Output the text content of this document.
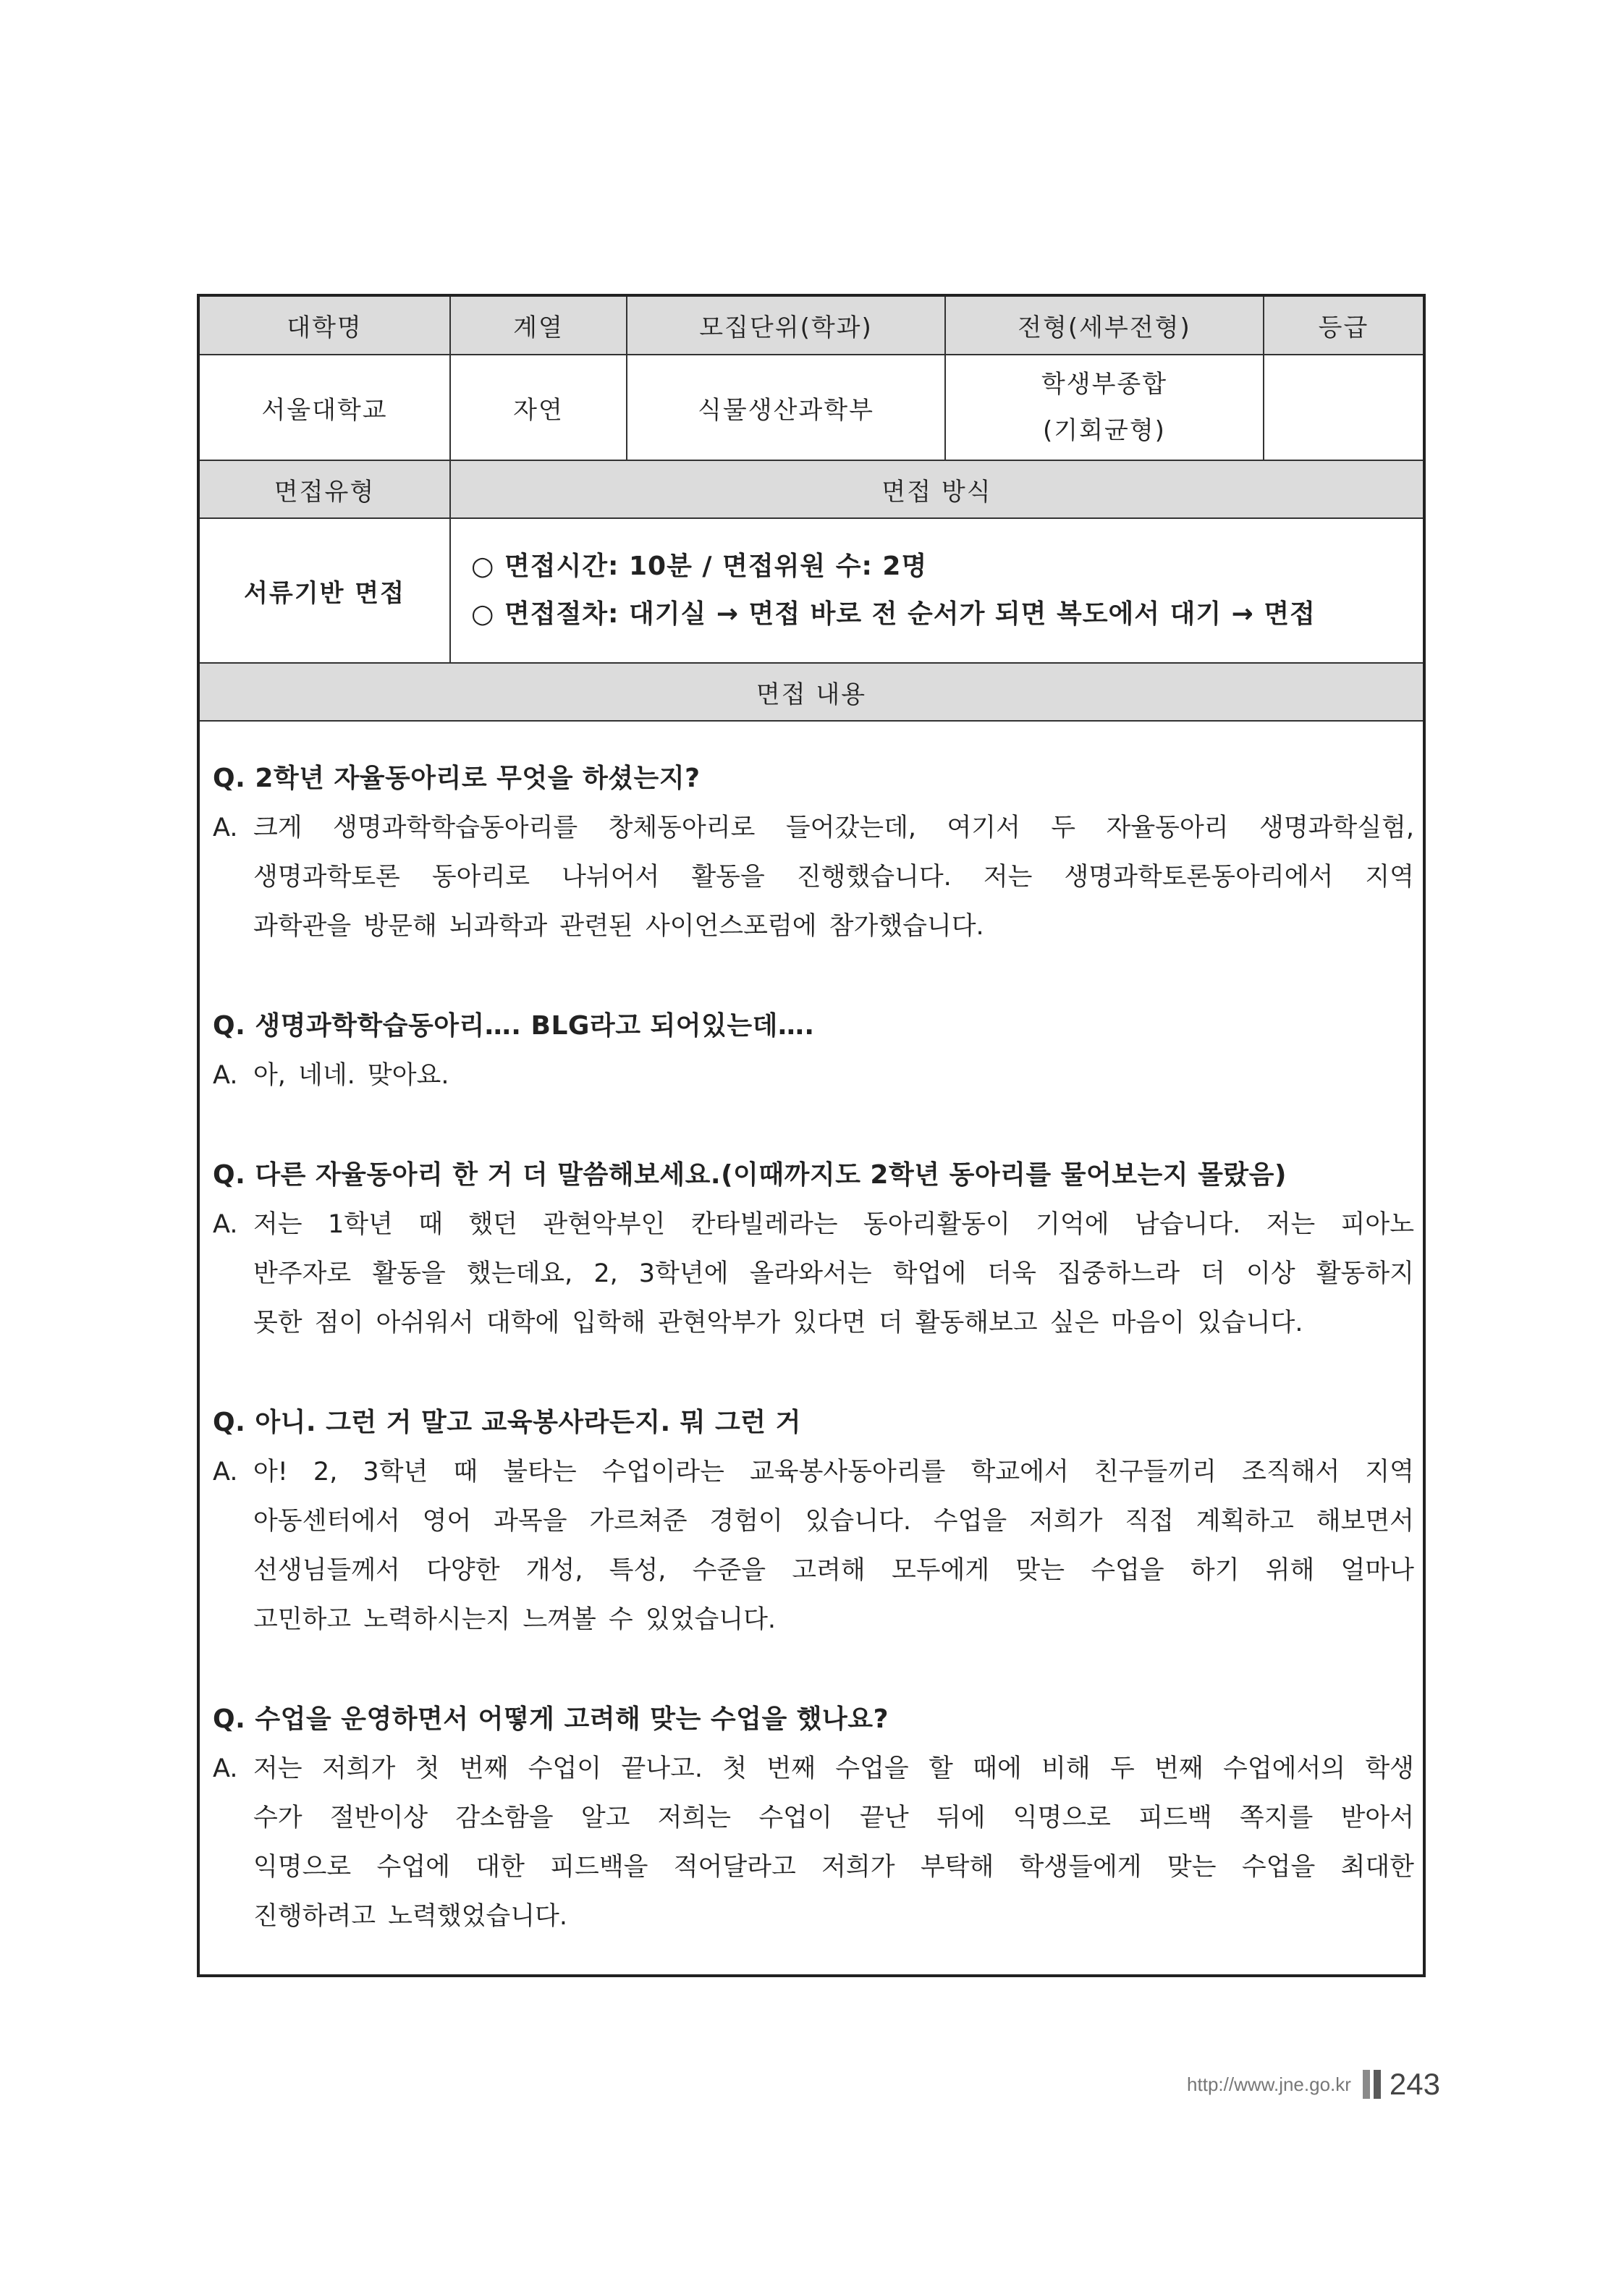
대학명	계열	모집단위(학과)	전형(세부전형)	등급
서울대학교	자연	식물생산과학부	학생부종합
(기회균형)	

면접유형	면접 방식			
서류기반 면접	○ 면접시간: 10분 / 면접위원 수: 2명
○ 면접절차: 대기실 → 면접 바로 전 순서가 되면 복도에서 대기 → 면접			

면접 내용				
Q. 2학년 자율동아리로 무엇을 하셨는지?
A. 크게 생명과학학습동아리를 창체동아리로 들어갔는데, 여기서 두 자율동아리 생명과학실험,
생명과학토론 동아리로 나뉘어서 활동을 진행했습니다. 저는 생명과학토론동아리에서 지역
과학관을 방문해 뇌과학과 관련된 사이언스포럼에 참가했습니다.
Q. 생명과학학습동아리…. BLG라고 되어있는데….
A. 아, 네네. 맞아요.
Q. 다른 자율동아리 한 거 더 말씀해보세요.(이때까지도 2학년 동아리를 물어보는지 몰랐음)
A. 저는 1학년 때 했던 관현악부인 칸타빌레라는 동아리활동이 기억에 남습니다. 저는 피아노
반주자로 활동을 했는데요, 2, 3학년에 올라와서는 학업에 더욱 집중하느라 더 이상 활동하지
못한 점이 아쉬워서 대학에 입학해 관현악부가 있다면 더 활동해보고 싶은 마음이 있습니다.
Q. 아니. 그런 거 말고 교육봉사라든지. 뭐 그런 거
A. 아! 2, 3학년 때 불타는 수업이라는 교육봉사동아리를 학교에서 친구들끼리 조직해서 지역
아동센터에서 영어 과목을 가르쳐준 경험이 있습니다. 수업을 저희가 직접 계획하고 해보면서
선생님들께서 다양한 개성, 특성, 수준을 고려해 모두에게 맞는 수업을 하기 위해 얼마나
고민하고 노력하시는지 느껴볼 수 있었습니다.
Q. 수업을 운영하면서 어떻게 고려해 맞는 수업을 했나요?
A. 저는 저희가 첫 번째 수업이 끝나고. 첫 번째 수업을 할 때에 비해 두 번째 수업에서의 학생
수가 절반이상 감소함을 알고 저희는 수업이 끝난 뒤에 익명으로 피드백 쪽지를 받아서
익명으로 수업에 대한 피드백을 적어달라고 저희가 부탁해 학생들에게 맞는 수업을 최대한
진행하려고 노력했었습니다.
http://www.jne.go.kr 243
